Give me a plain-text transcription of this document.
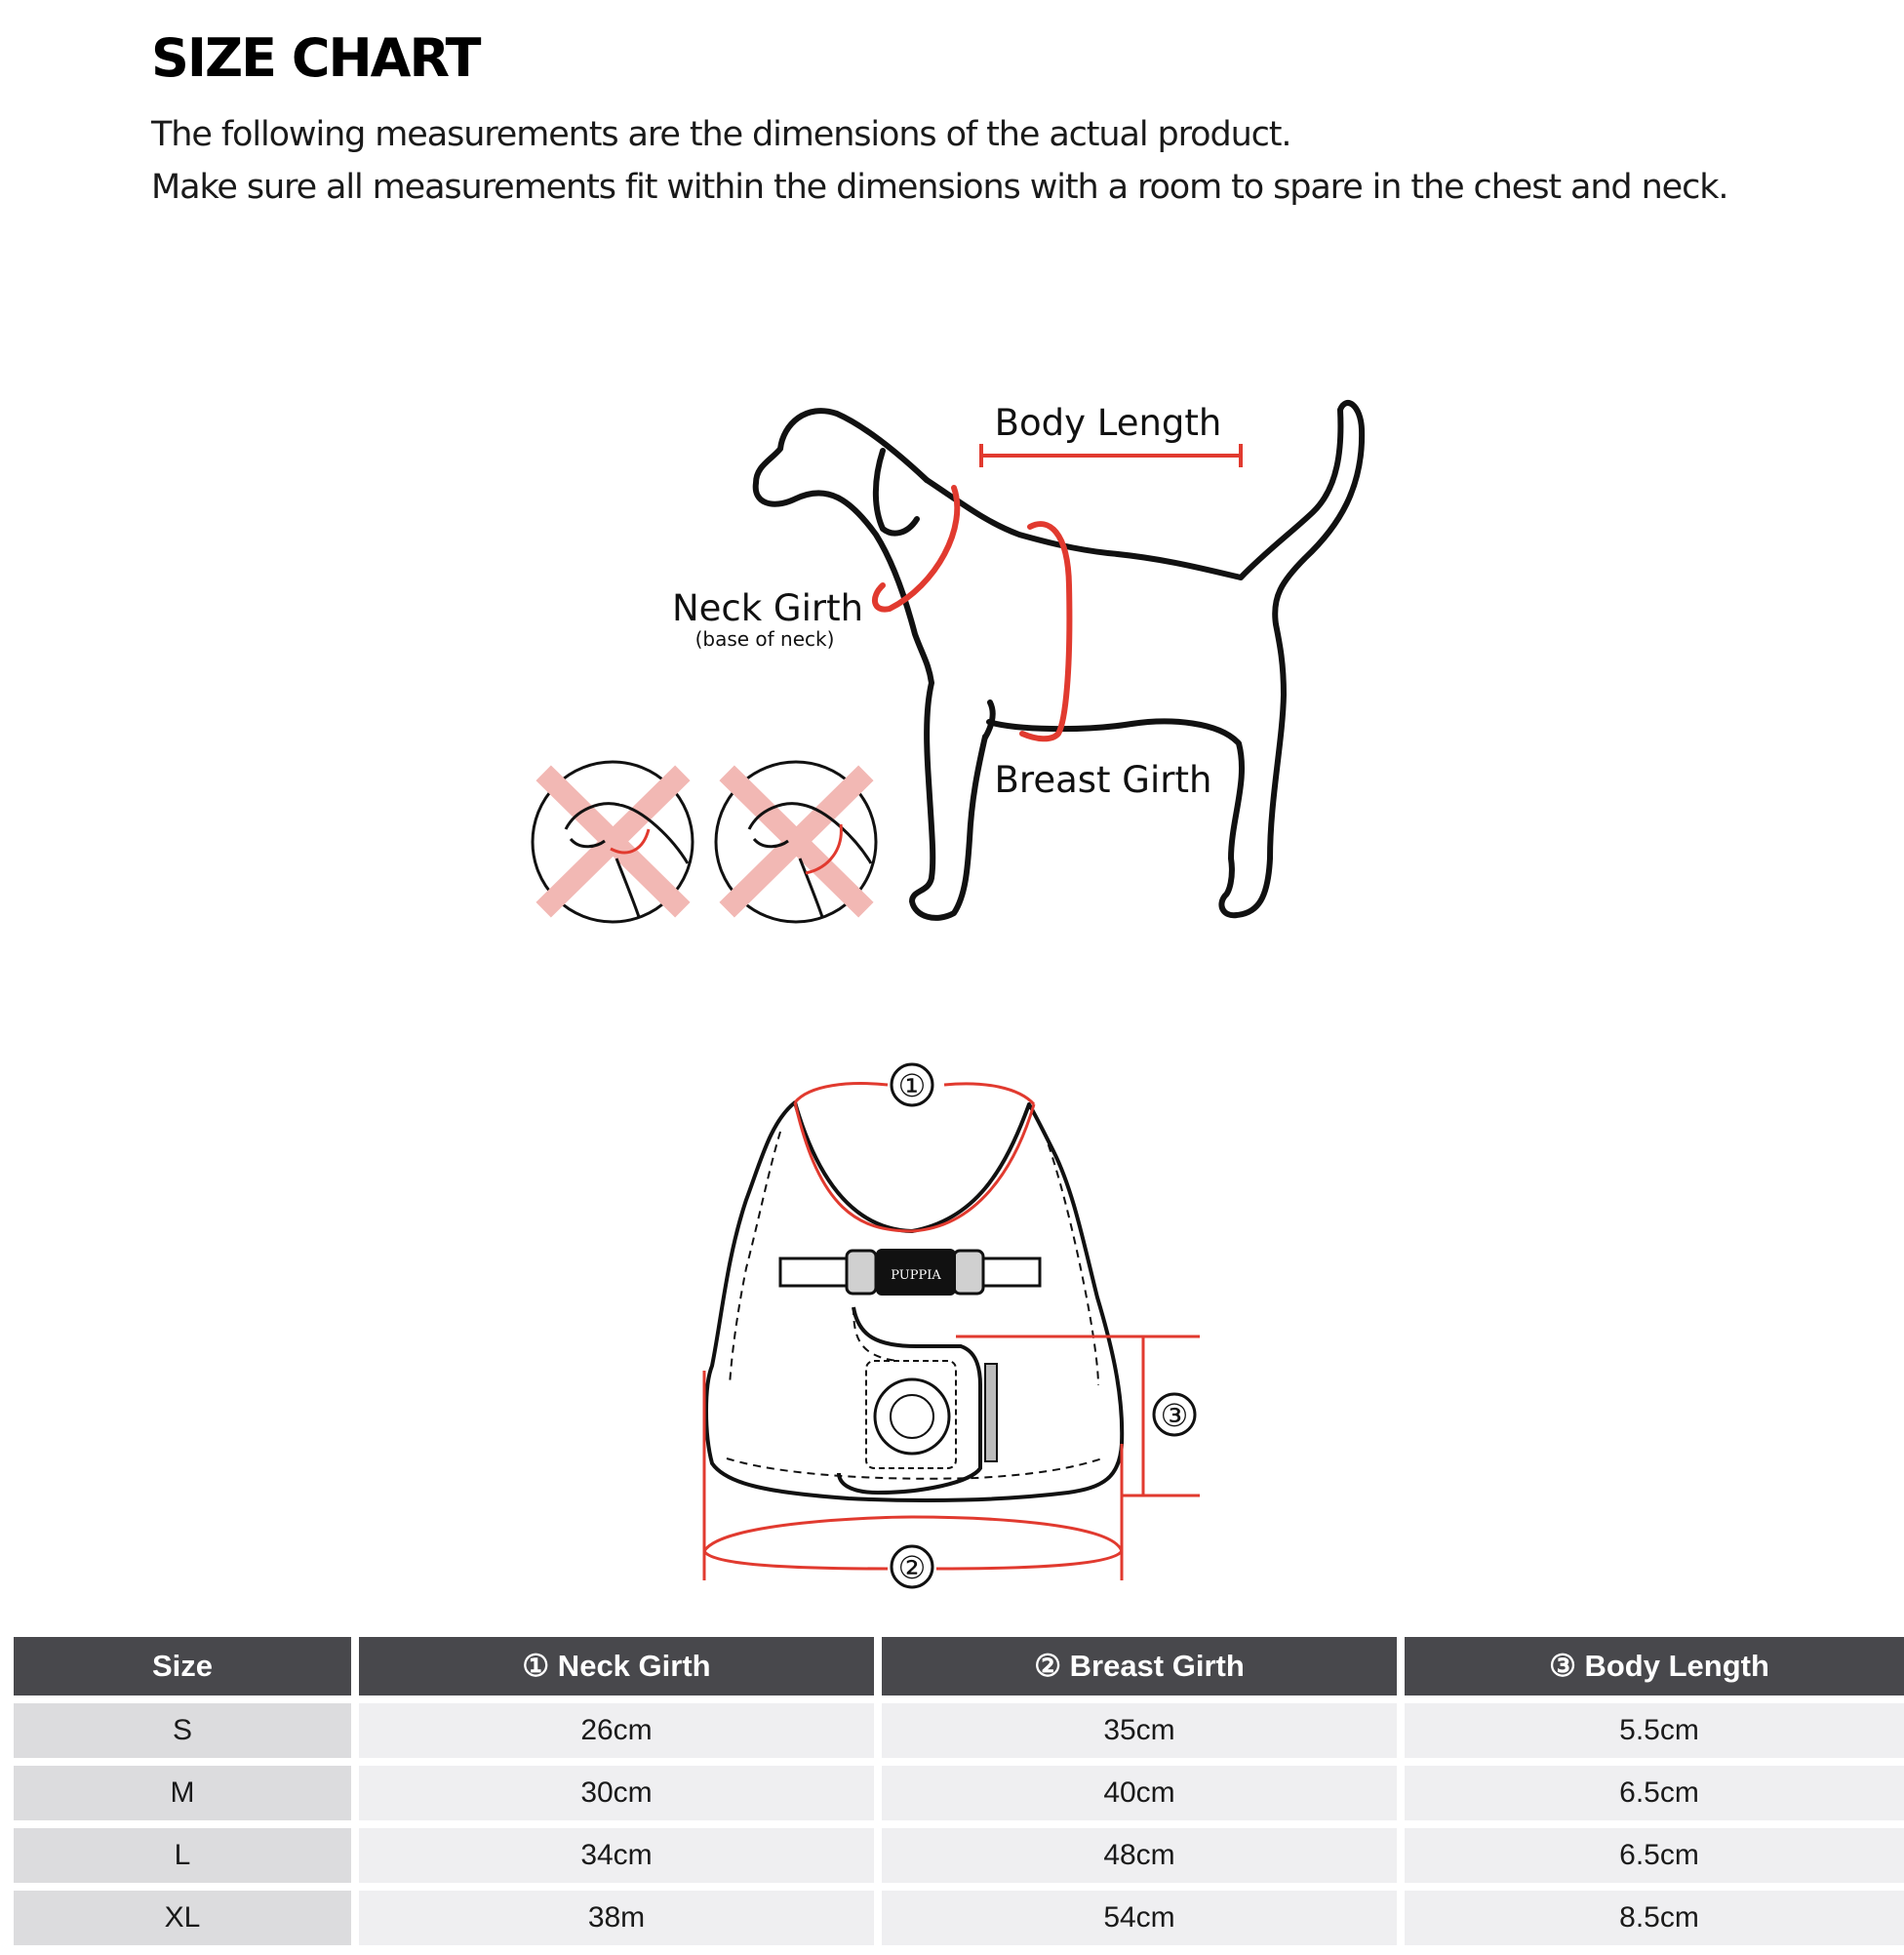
SIZE CHART
The following measurements are the dimensions of the actual product.
Make sure all measurements fit within the dimensions with a room to spare in the chest and neck.
Body Length
Neck Girth
(base of neck)
Breast Girth
PUPPIA
①
②
③
Size	① Neck Girth	② Breast Girth	③ Body Length
S	26cm	35cm	5.5cm
M	30cm	40cm	6.5cm
L	34cm	48cm	6.5cm
XL	38m	54cm	8.5cm
